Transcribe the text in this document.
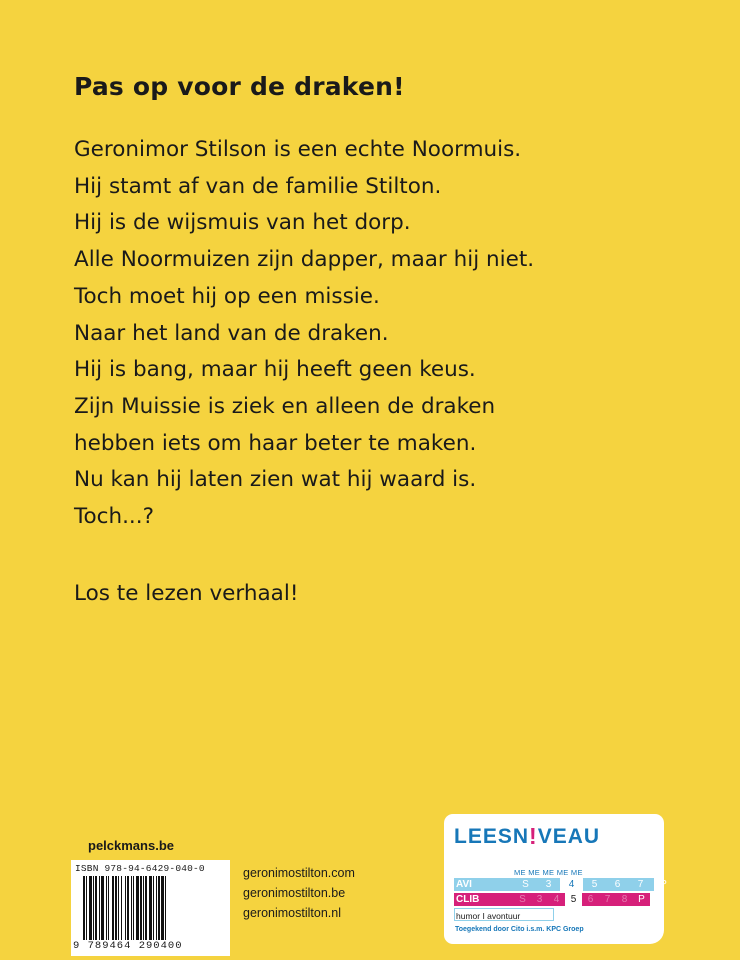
Pas op voor de draken!
Geronimor Stilson is een echte Noormuis.
Hij stamt af van de familie Stilton.
Hij is de wijsmuis van het dorp.
Alle Noormuizen zijn dapper, maar hij niet.
Toch moet hij op een missie.
Naar het land van de draken.
Hij is bang, maar hij heeft geen keus.
Zijn Muissie is ziek en alleen de draken
hebben iets om haar beter te maken.
Nu kan hij laten zien wat hij waard is.
Toch...?
Los te lezen verhaal!
pelckmans.be
ISBN 978-94-6429-040-0
9 789464 290400
geronimostilton.com
geronimostilton.be
geronimostilton.nl
LEESN!VEAU
ME ME ME ME ME
AVI	S	3	4	5	6	7	P
CLIB	S	3	4	5	6	7	8	P
humor I avontuur
Toegekend door Cito i.s.m. KPC Groep
